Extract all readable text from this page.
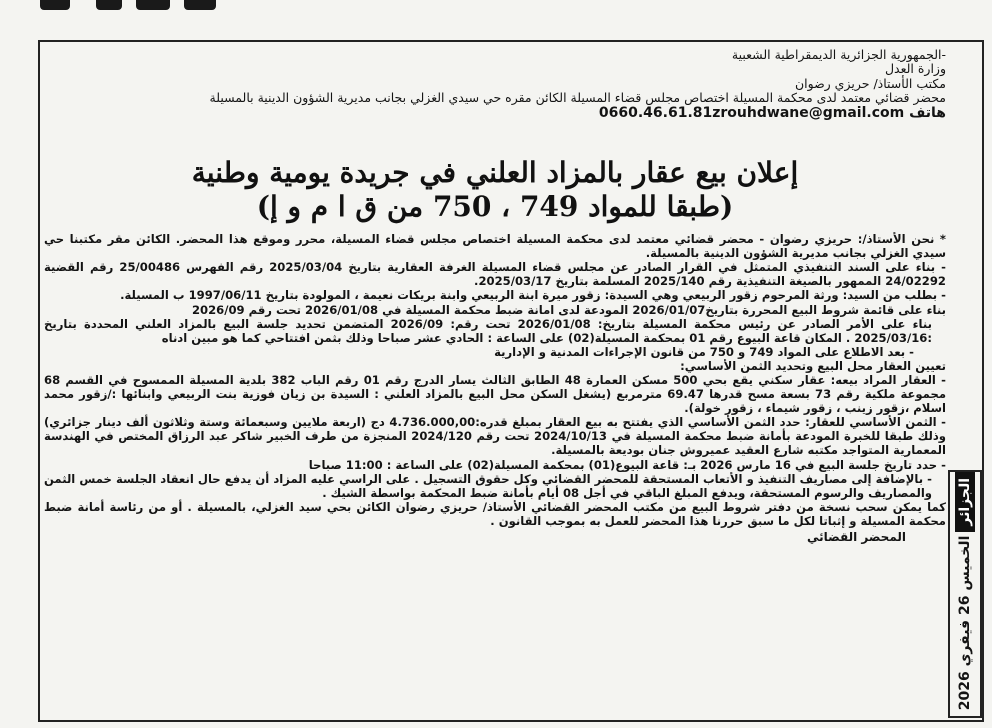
-الجمهورية الجزائرية الديمقراطية الشعبية
وزارة العدل
مكتب الأستاذ/ حريزي رضوان
محضر قضائي معتمد لدى محكمة المسيلة اختصاص مجلس قضاء المسيلة الكائن مقره حي سيدي الغزلي بجانب مديرية الشؤون الدينية بالمسيلة
هاتف 0660.46.61.81zrouhdwane@gmail.com
إعلان بيع عقار بالمزاد العلني في جريدة يومية وطنية
(طبقا للمواد 749 ، 750 من ق ا م و إ)

* نحن الأستاذ/: حريزي رضوان - محضر قضائي معتمد لدى محكمة المسيلة اختصاص مجلس قضاء المسيلة، محرر وموقع هذا المحضر. الكائن مقر مكتبنا حي سيدي الغزلي بجانب مديرية الشؤون الدينية بالمسيلة.

- بناء على السند التنفيذي المتمثل في القرار الصادر عن مجلس قضاء المسيلة الغرفة العقارية بتاريخ 2025/03/04 رقم الفهرس 25/00486 رقم القضية 24/02292 الممهور بالصيغة التنفيذية رقم 2025/140 المسلمة بتاريخ 2025/03/17.

- بطلب من السيد: ورثة المرحوم زقور الربيعي وهي السيدة: زقور ميرة ابنة الربيعي وابنة بريكات نعيمة ، المولودة بتاريخ 1997/06/11 ب المسيلة.

بناء على قائمة شروط البيع المحررة بتاريخ2026/01/07 المودعة لدى امانة ضبط محكمة المسيلة في 2026/01/08 تحت رقم 2026/09

بناء على الأمر الصادر عن رئيس محكمة المسيلة بتاريخ: 2026/01/08 تحت رقم: 2026/09 المتضمن تحديد جلسة البيع بالمزاد العلني المحددة بتاريخ :2025/03/16 . المكان قاعة البيوع رقم 01 بمحكمة المسيلة(02) على الساعة : الحادي عشر صباحا وذلك بثمن افتتاحي كما هو مبين ادناه

- بعد الاطلاع على المواد 749 و 750 من قانون الإجراءات المدنية و الإدارية

تعيين العقار محل البيع وتحديد الثمن الأساسي:

- العقار المراد بيعه: عقار سكني يقع بحي 500 مسكن العمارة 48 الطابق الثالث يسار الدرج رقم 01 رقم الباب 382 بلدية المسيلة الممسوح في القسم 68 مجموعة ملكية رقم 73 بسعة مسح قدرها 69.47 مترمربع (يشغل السكن محل البيع بالمزاد العلني : السيدة بن زيان فوزية بنت الربيعي وابنائها :/زقور محمد اسلام ،زقور زينب ، زقور شيماء ، زقور خولة).

- الثمن الأساسي للعقار: حدد الثمن الأساسي الذي يفتتح به بيع العقار بمبلغ قدره:4.736.000,00 دج (اربعة ملايين وسبعمائة وستة وثلاثون ألف دينار جزائري) وذلك طبقا للخبرة المودعة بأمانة ضبط محكمة المسيلة في 2024/10/13 تحت رقم 2024/120 المنجزة من طرف الخبير شاكر عبد الرزاق المختص في الهندسة المعمارية المتواجد مكتبه شارع العقيد عميروش جنان بوديعة بالمسيلة.

- حدد تاريخ جلسة البيع في 16 مارس 2026 بـ: قاعة البيوع(01) بمحكمة المسيلة(02) على الساعة : 11:00 صباحا

- بالإضافة إلى مصاريف التنفيذ و الأتعاب المستحقة للمحضر القضائي وكل حقوق التسجيل . على الراسي عليه المزاد أن يدفع حال انعقاد الجلسة خمس الثمن والمصاريف والرسوم المستحقة، ويدفع المبلغ الباقي في أجل 08 أيام بأمانة ضبط المحكمة بواسطة الشيك .

كما يمكن سحب نسخة من دفتر شروط البيع من مكتب المحضر القضائي الأستاذ/ حريزي رضوان الكائن بحي سيد الغزلي، بالمسيلة . أو من رئاسة أمانة ضبط محكمة المسيلة و إثباتا لكل ما سبق حررنا هذا المحضر للعمل به بموجب القانون .

المحضر القضائي
الجزائر
الخميس 26 فيفري 2026
